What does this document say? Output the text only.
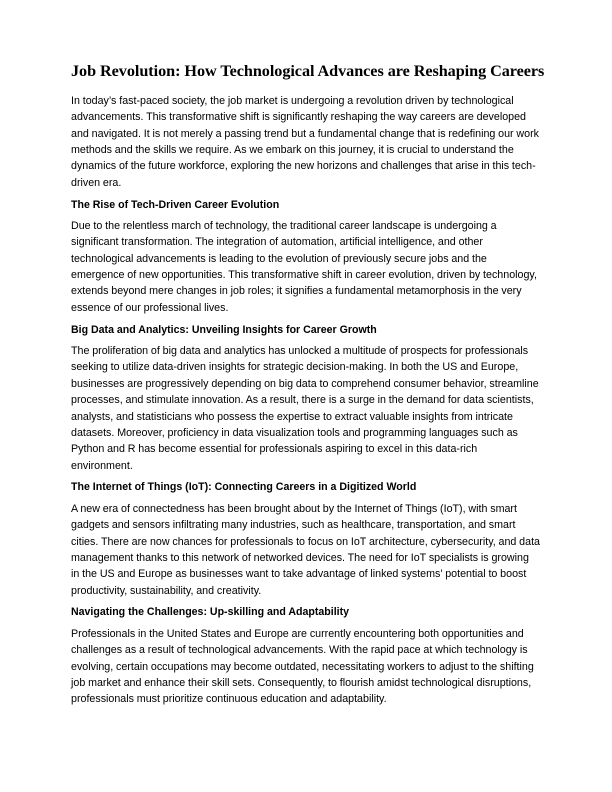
Job Revolution: How Technological Advances are Reshaping Careers

In today’s fast-paced society, the job market is undergoing a revolution driven by technological advancements. This transformative shift is significantly reshaping the way careers are developed and navigated. It is not merely a passing trend but a fundamental change that is redefining our work methods and the skills we require. As we embark on this journey, it is crucial to understand the dynamics of the future workforce, exploring the new horizons and challenges that arise in this tech-driven era.

The Rise of Tech-Driven Career Evolution

Due to the relentless march of technology, the traditional career landscape is undergoing a significant transformation. The integration of automation, artificial intelligence, and other technological advancements is leading to the evolution of previously secure jobs and the emergence of new opportunities. This transformative shift in career evolution, driven by technology, extends beyond mere changes in job roles; it signifies a fundamental metamorphosis in the very essence of our professional lives.

Big Data and Analytics: Unveiling Insights for Career Growth

The proliferation of big data and analytics has unlocked a multitude of prospects for professionals seeking to utilize data-driven insights for strategic decision-making. In both the US and Europe, businesses are progressively depending on big data to comprehend consumer behavior, streamline processes, and stimulate innovation. As a result, there is a surge in the demand for data scientists, analysts, and statisticians who possess the expertise to extract valuable insights from intricate datasets. Moreover, proficiency in data visualization tools and programming languages such as Python and R has become essential for professionals aspiring to excel in this data-rich environment.

The Internet of Things (IoT): Connecting Careers in a Digitized World

A new era of connectedness has been brought about by the Internet of Things (IoT), with smart gadgets and sensors infiltrating many industries, such as healthcare, transportation, and smart cities. There are now chances for professionals to focus on IoT architecture, cybersecurity, and data management thanks to this network of networked devices. The need for IoT specialists is growing in the US and Europe as businesses want to take advantage of linked systems' potential to boost productivity, sustainability, and creativity.

Navigating the Challenges: Up-skilling and Adaptability

Professionals in the United States and Europe are currently encountering both opportunities and challenges as a result of technological advancements. With the rapid pace at which technology is evolving, certain occupations may become outdated, necessitating workers to adjust to the shifting job market and enhance their skill sets. Consequently, to flourish amidst technological disruptions, professionals must prioritize continuous education and adaptability.
